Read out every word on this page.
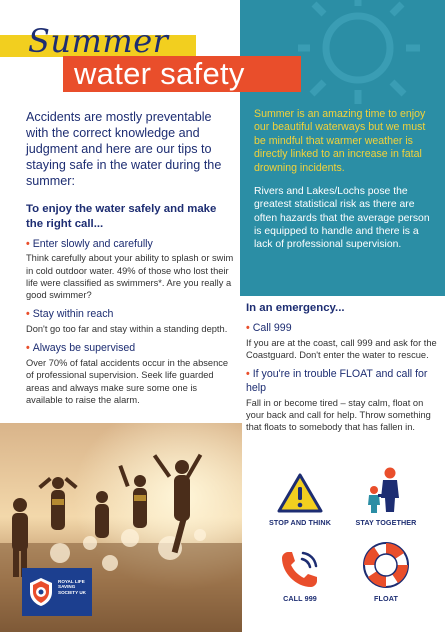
Summer is an amazing time to enjoy our beautiful waterways but we must be mindful that warmer weather is directly linked to an increase in fatal drowning incidents.

Rivers and Lakes/Lochs pose the greatest statistical risk as there are often hazards that the average person is equipped to handle and there is a lack of professional supervision.

Summer
water safety

Accidents are mostly preventable with the correct knowledge and judgment and here are our tips to staying safe in the water during the summer:

To enjoy the water safely and make the right call...

• Enter slowly and carefully

Think carefully about your ability to splash or swim in cold outdoor water. 49% of those who lost their life were classified as swimmers*. Are you really a good swimmer?

• Stay within reach

Don't go too far and stay within a standing depth.

• Always be supervised

Over 70% of fatal accidents occur in the absence of professional supervision. Seek life guarded areas and always make sure some one is available to raise the alarm.

ROYAL LIFE SAVING SOCIETY UK

In an emergency...

• Call 999

If you are at the coast, call 999 and ask for the Coastguard. Don't enter the water to rescue.

• If you're in trouble FLOAT and call for help

Fall in or become tired – stay calm, float on your back and call for help. Throw something that floats to somebody that has fallen in.

STOP AND THINK	STAY TOGETHER
CALL 999	FLOAT
